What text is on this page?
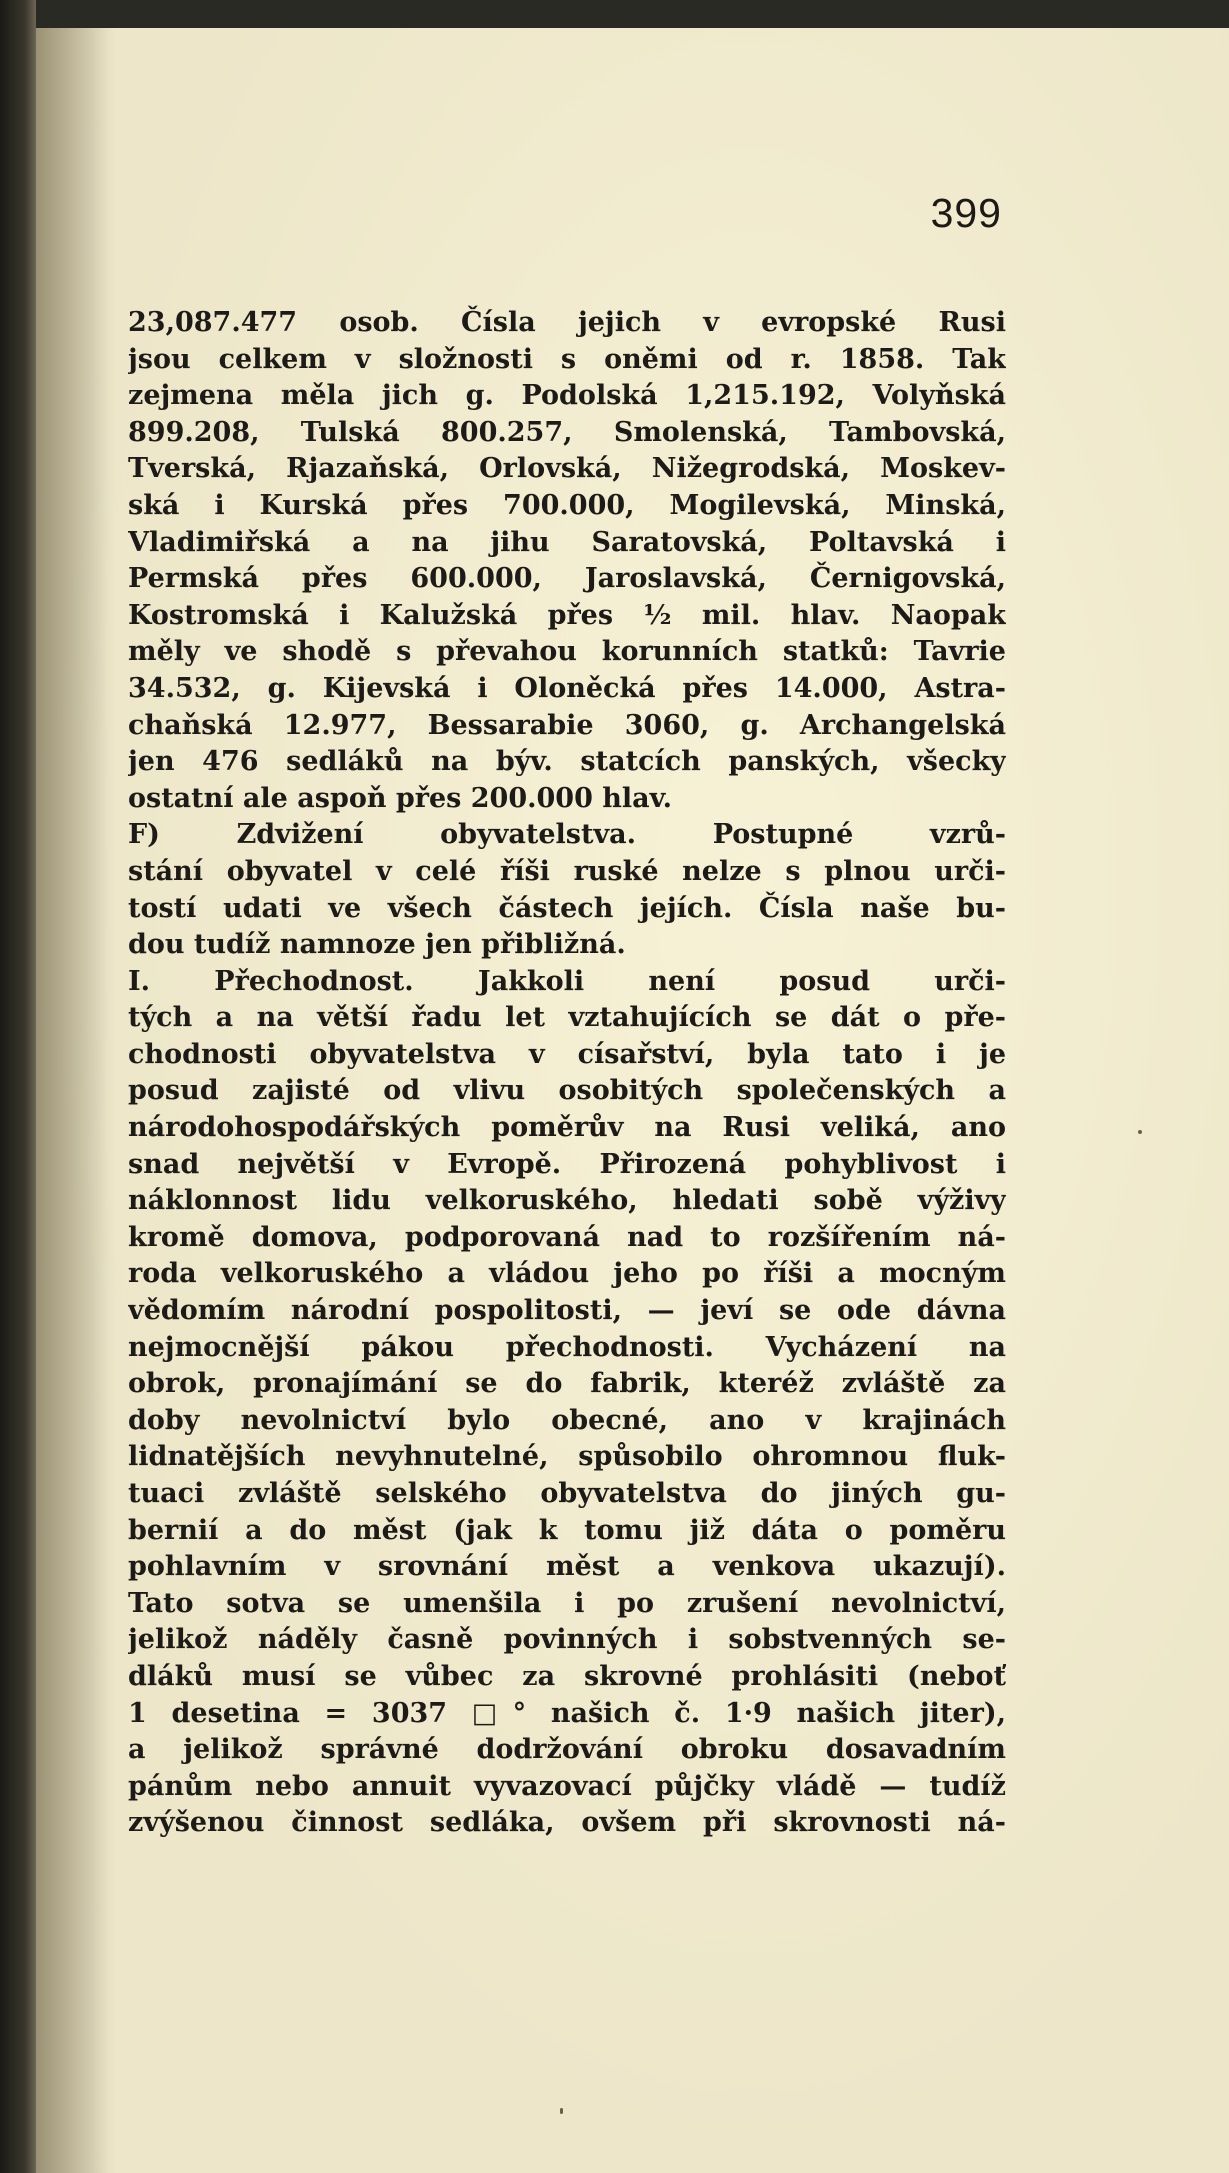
399
23,087.477 osob. Čísla jejich v evropské Rusi
jsou celkem v složnosti s oněmi od r. 1858. Tak
zejmena měla jich g. Podolská 1,215.192, Volyňská
899.208, Tulská 800.257, Smolenská, Tambovská,
Tverská, Rjazaňská, Orlovská, Nižegrodská, Moskev-
ská i Kurská přes 700.000, Mogilevská, Minská,
Vladimiřská a na jihu Saratovská, Poltavská i
Permská přes 600.000, Jaroslavská, Černigovská,
Kostromská i Kalužská přes ½ mil. hlav. Naopak
měly ve shodě s převahou korunních statků: Tavrie
34.532, g. Kijevská i Oloněcká přes 14.000, Astra-
chaňská 12.977, Bessarabie 3060, g. Archangelská
jen 476 sedláků na býv. statcích panských, všecky
ostatní ale aspoň přes 200.000 hlav.
F) Zdvižení obyvatelstva. Postupné vzrů-
stání obyvatel v celé říši ruské nelze s plnou urči-
tostí udati ve všech částech jejích. Čísla naše bu-
dou tudíž namnoze jen přibližná.
I. Přechodnost. Jakkoli není posud urči-
tých a na větší řadu let vztahujících se dát o pře-
chodnosti obyvatelstva v císařství, byla tato i je
posud zajisté od vlivu osobitých společenských a
národohospodářských poměrův na Rusi veliká, ano
snad největší v Evropě. Přirozená pohyblivost i
náklonnost lidu velkoruského, hledati sobě výživy
kromě domova, podporovaná nad to rozšířením ná-
roda velkoruského a vládou jeho po říši a mocným
vědomím národní pospolitosti, — jeví se ode dávna
nejmocnější pákou přechodnosti. Vycházení na
obrok, pronajímání se do fabrik, kteréž zvláště za
doby nevolnictví bylo obecné, ano v krajinách
lidnatějších nevyhnutelné, spůsobilo ohromnou fluk-
tuaci zvláště selského obyvatelstva do jiných gu-
bernií a do měst (jak k tomu již dáta o poměru
pohlavním v srovnání měst a venkova ukazují).
Tato sotva se umenšila i po zrušení nevolnictví,
jelikož náděly časně povinných i sobstvenných se-
dláků musí se vůbec za skrovné prohlásiti (neboť
1 desetina = 3037 □° našich č. 1·9 našich jiter),
a jelikož správné dodržování obroku dosavadním
pánům nebo annuit vyvazovací půjčky vládě — tudíž
zvýšenou činnost sedláka, ovšem při skrovnosti ná-
